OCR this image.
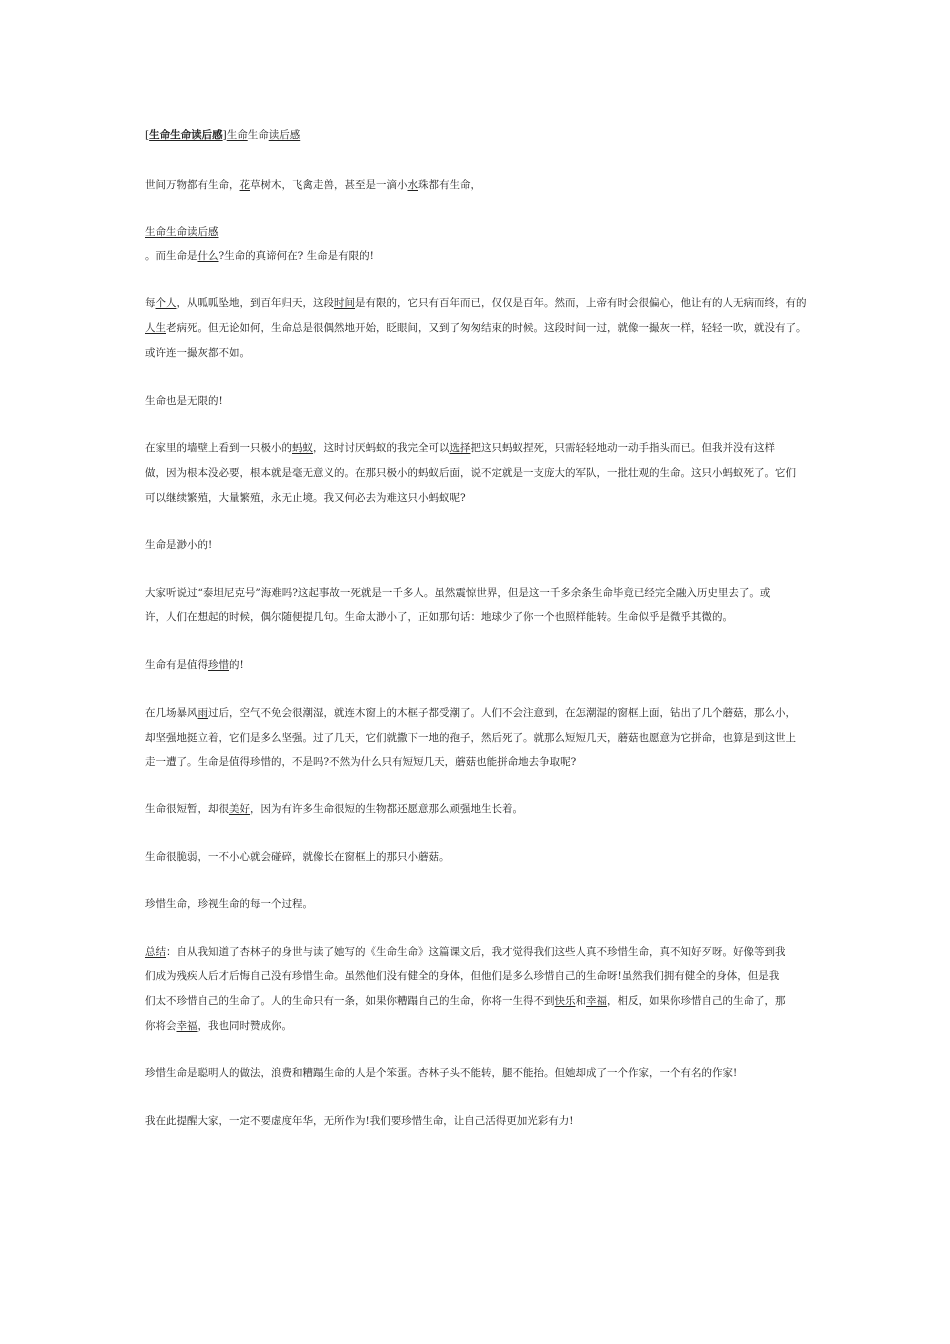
[生命生命读后感]生命生命读后感
世间万物都有生命，花草树木，飞禽走兽，甚至是一滴小水珠都有生命，
生命生命读后感
。而生命是什么?生命的真谛何在? 生命是有限的!
每个人，从呱呱坠地，到百年归天，这段时间是有限的，它只有百年而已，仅仅是百年。然而，上帝有时会很偏心，他让有的人无病而终，有的
人生老病死。但无论如何，生命总是很偶然地开始，眨眼间，又到了匆匆结束的时候。这段时间一过，就像一撮灰一样，轻轻一吹，就没有了。
或许连一撮灰都不如。
生命也是无限的!
在家里的墙壁上看到一只极小的蚂蚁，这时讨厌蚂蚁的我完全可以选择把这只蚂蚁捏死，只需轻轻地动一动手指头而已。但我并没有这样
做，因为根本没必要，根本就是毫无意义的。在那只极小的蚂蚁后面，说不定就是一支庞大的军队，一批壮观的生命。这只小蚂蚁死了。它们
可以继续繁殖，大量繁殖，永无止境。我又何必去为难这只小蚂蚁呢?
生命是渺小的!
大家听说过“泰坦尼克号”海难吗?这起事故一死就是一千多人。虽然震惊世界，但是这一千多余条生命毕竟已经完全融入历史里去了。或
许，人们在想起的时候，偶尔随便提几句。生命太渺小了，正如那句话：地球少了你一个也照样能转。生命似乎是微乎其微的。
生命有是值得珍惜的!
在几场暴风雨过后，空气不免会很潮湿，就连木窗上的木框子都受潮了。人们不会注意到，在怎潮湿的窗框上面，钻出了几个蘑菇，那么小，
却坚强地挺立着，它们是多么坚强。过了几天，它们就撒下一地的孢子，然后死了。就那么短短几天，蘑菇也愿意为它拼命，也算是到这世上
走一遭了。生命是值得珍惜的，不是吗?不然为什么只有短短几天，蘑菇也能拼命地去争取呢?
生命很短暂，却很美好，因为有许多生命很短的生物都还愿意那么顽强地生长着。
生命很脆弱，一不小心就会碰碎，就像长在窗框上的那只小蘑菇。
珍惜生命，珍视生命的每一个过程。
总结：自从我知道了杏林子的身世与读了她写的《生命生命》这篇课文后，我才觉得我们这些人真不珍惜生命，真不知好歹呀。好像等到我
们成为残疾人后才后悔自己没有珍惜生命。虽然他们没有健全的身体，但他们是多么珍惜自己的生命呀!虽然我们拥有健全的身体，但是我
们太不珍惜自己的生命了。人的生命只有一条，如果你糟蹋自己的生命，你将一生得不到快乐和幸福，相反，如果你珍惜自己的生命了，那
你将会幸福，我也同时赞成你。
珍惜生命是聪明人的做法，浪费和糟蹋生命的人是个笨蛋。杏林子头不能转，腿不能抬。但她却成了一个作家，一个有名的作家!
我在此提醒大家，一定不要虚度年华，无所作为!我们要珍惜生命，让自己活得更加光彩有力!
